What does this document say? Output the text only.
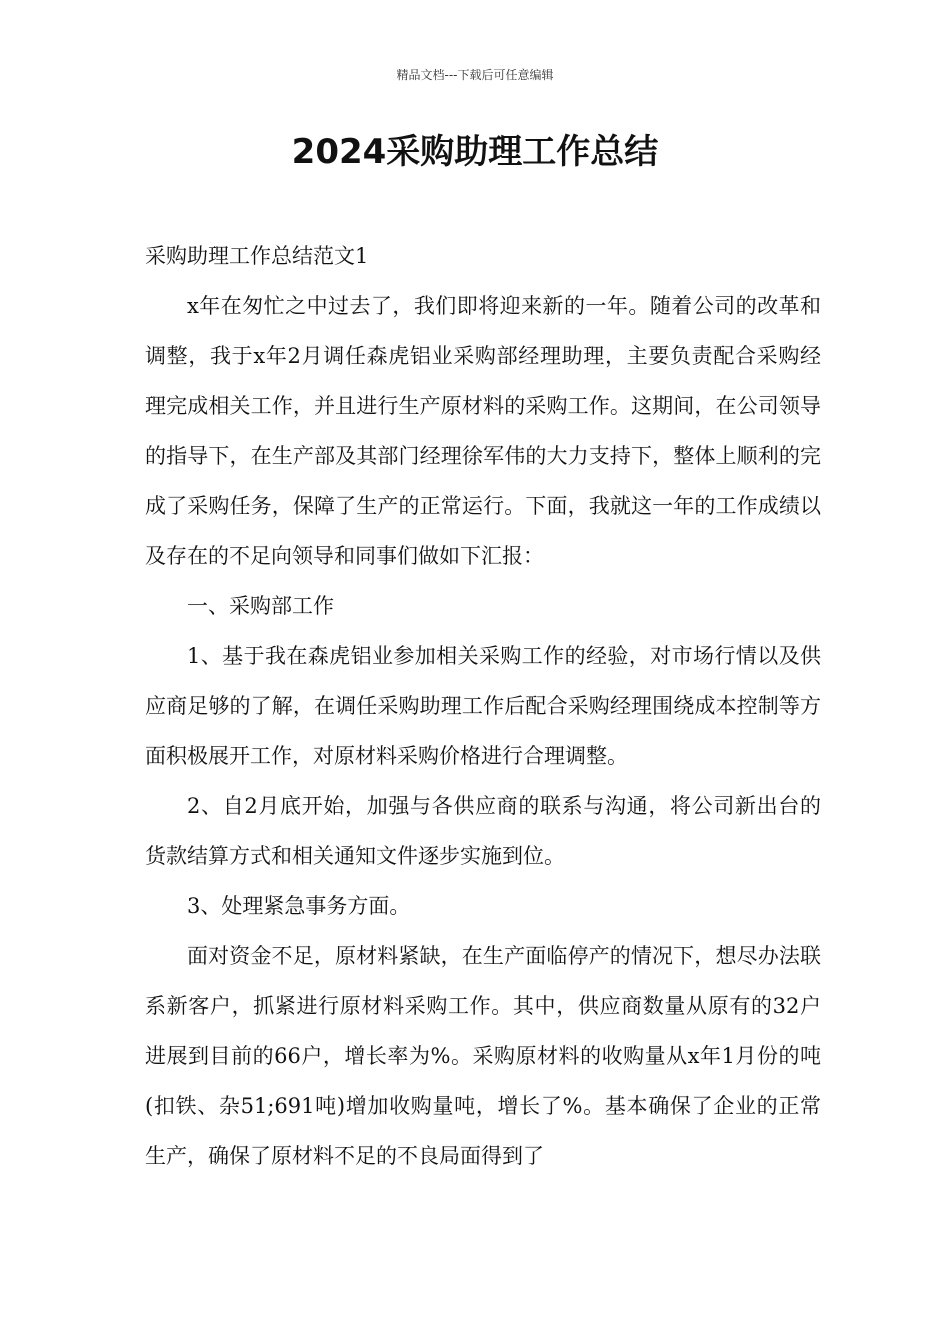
精品文档---下载后可任意编辑
2024采购助理工作总结

采购助理工作总结范文1

x年在匆忙之中过去了，我们即将迎来新的一年。随着公司的改革和调整，我于x年2月调任森虎铝业采购部经理助理，主要负责配合采购经理完成相关工作，并且进行生产原材料的采购工作。这期间，在公司领导的指导下，在生产部及其部门经理徐军伟的大力支持下，整体上顺利的完成了采购任务，保障了生产的正常运行。下面，我就这一年的工作成绩以及存在的不足向领导和同事们做如下汇报：

一、采购部工作

1、基于我在森虎铝业参加相关采购工作的经验，对市场行情以及供应商足够的了解，在调任采购助理工作后配合采购经理围绕成本控制等方面积极展开工作，对原材料采购价格进行合理调整。

2、自2月底开始，加强与各供应商的联系与沟通，将公司新出台的货款结算方式和相关通知文件逐步实施到位。

3、处理紧急事务方面。

面对资金不足，原材料紧缺，在生产面临停产的情况下，想尽办法联系新客户，抓紧进行原材料采购工作。其中，供应商数量从原有的32户进展到目前的66户，增长率为%。采购原材料的收购量从x年1月份的吨(扣铁、杂51;691吨)增加收购量吨，增长了%。基本确保了企业的正常生产，确保了原材料不足的不良局面得到了
